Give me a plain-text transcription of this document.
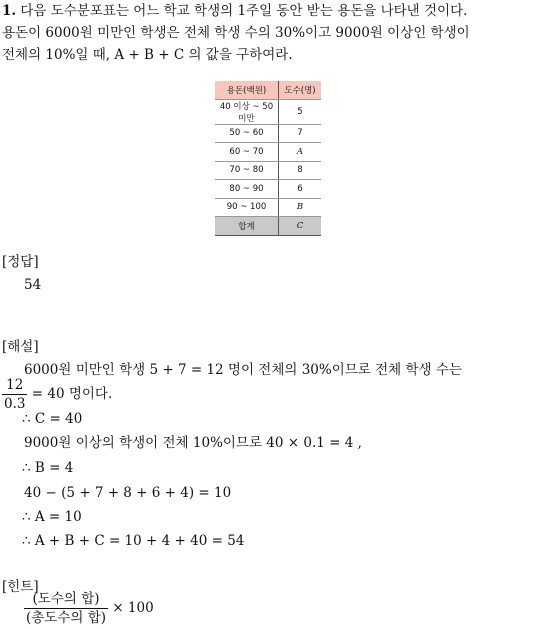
1. 다음 도수분포표는 어느 학교 학생의 1주일 동안 받는 용돈을 나타낸 것이다.
용돈이 6000원 미만인 학생은 전체 학생 수의 30%이고 9000원 이상인 학생이
전체의 10%일 때, A + B + C 의 값을 구하여라.
용돈(백원)	도수(명)
40 이상 ~ 50 미만	5
50 ~ 60	7
60 ~ 70	A
70 ~ 80	8
80 ~ 90	6
90 ~ 100	B
합계	C
[정답]
54
[해설]
6000원 미만인 학생 5 + 7 = 12 명이 전체의 30%이므로 전체 학생 수는
$\frac{12}{0.3} = 40$ 명이다.
∴ C = 40
9000원 이상의 학생이 전체 10%이므로 40 × 0.1 = 4 ,
∴ B = 4
40 − (5 + 7 + 8 + 6 + 4) = 10
∴ A = 10
∴ A + B + C = 10 + 4 + 40 = 54
[힌트]
$\frac{\text{(도수의 합)}}{\text{(총도수의 합)}} \times 100$
